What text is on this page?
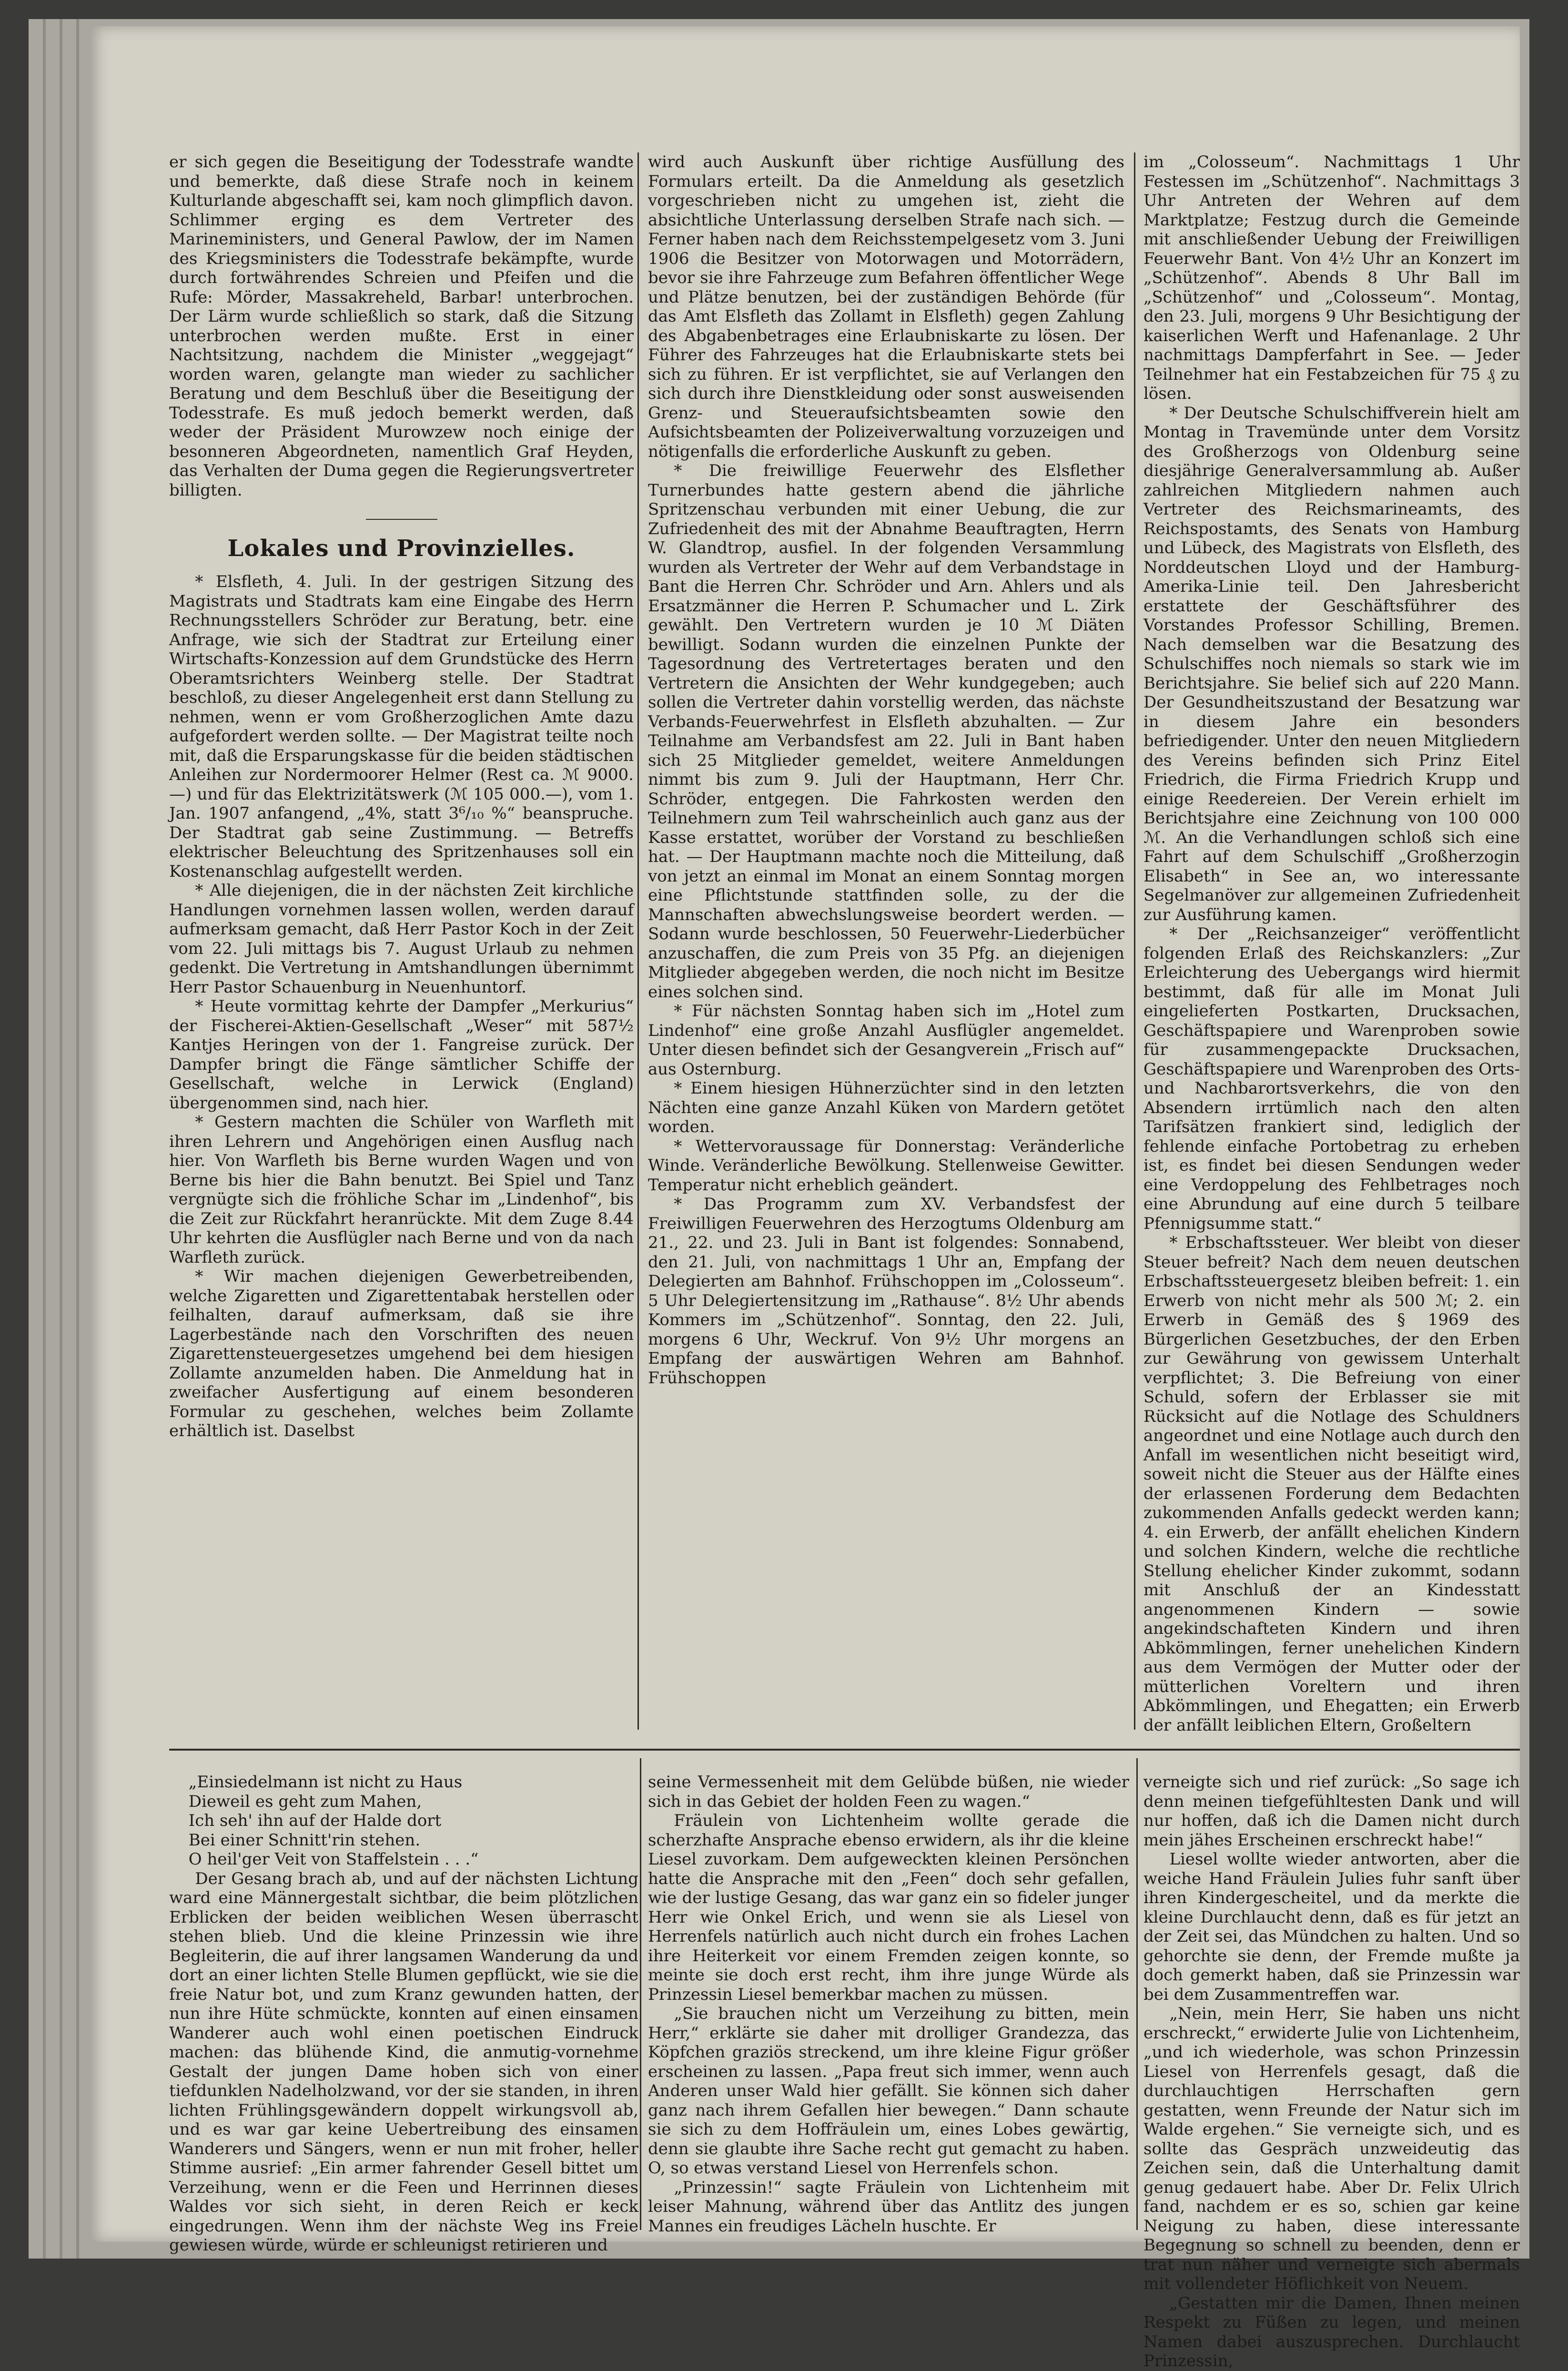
er sich gegen die Beseitigung der Todesstrafe wandte und bemerkte, daß diese Strafe noch in keinem Kulturlande abgeschafft sei, kam noch glimpflich davon. Schlimmer erging es dem Vertreter des Marineministers, und General Pawlow, der im Namen des Kriegsministers die Todesstrafe bekämpfte, wurde durch fortwährendes Schreien und Pfeifen und die Rufe: Mörder, Massakreheld, Barbar! unterbrochen. Der Lärm wurde schließlich so stark, daß die Sitzung unterbrochen werden mußte. Erst in einer Nachtsitzung, nachdem die Minister „weggejagt“ worden waren, gelangte man wieder zu sachlicher Beratung und dem Beschluß über die Beseitigung der Todesstrafe. Es muß jedoch bemerkt werden, daß weder der Präsident Murowzew noch einige der besonneren Abgeordneten, namentlich Graf Heyden, das Verhalten der Duma gegen die Regierungsvertreter billigten.

Lokales und Provinzielles.

* Elsfleth, 4. Juli. In der gestrigen Sitzung des Magistrats und Stadtrats kam eine Eingabe des Herrn Rechnungsstellers Schröder zur Beratung, betr. eine Anfrage, wie sich der Stadtrat zur Erteilung einer Wirtschafts-Konzession auf dem Grundstücke des Herrn Oberamtsrichters Weinberg stelle. Der Stadtrat beschloß, zu dieser Angelegenheit erst dann Stellung zu nehmen, wenn er vom Großherzoglichen Amte dazu aufgefordert werden sollte. — Der Magistrat teilte noch mit, daß die Ersparungskasse für die beiden städtischen Anleihen zur Nordermoorer Helmer (Rest ca. ℳ 9000.—) und für das Elektrizitätswerk (ℳ 105 000.—), vom 1. Jan. 1907 anfangend, „4%, statt 3⁶/₁₀ %“ beanspruche. Der Stadtrat gab seine Zustimmung. — Betreffs elektrischer Beleuchtung des Spritzenhauses soll ein Kostenanschlag aufgestellt werden.

* Alle diejenigen, die in der nächsten Zeit kirchliche Handlungen vornehmen lassen wollen, werden darauf aufmerksam gemacht, daß Herr Pastor Koch in der Zeit vom 22. Juli mittags bis 7. August Urlaub zu nehmen gedenkt. Die Vertretung in Amtshandlungen übernimmt Herr Pastor Schauenburg in Neuenhuntorf.

* Heute vormittag kehrte der Dampfer „Merkurius“ der Fischerei-Aktien-Gesellschaft „Weser“ mit 587½ Kantjes Heringen von der 1. Fangreise zurück. Der Dampfer bringt die Fänge sämtlicher Schiffe der Gesellschaft, welche in Lerwick (England) übergenommen sind, nach hier.

* Gestern machten die Schüler von Warfleth mit ihren Lehrern und Angehörigen einen Ausflug nach hier. Von Warfleth bis Berne wurden Wagen und von Berne bis hier die Bahn benutzt. Bei Spiel und Tanz vergnügte sich die fröhliche Schar im „Lindenhof“, bis die Zeit zur Rückfahrt heranrückte. Mit dem Zuge 8.44 Uhr kehrten die Ausflügler nach Berne und von da nach Warfleth zurück.

* Wir machen diejenigen Gewerbetreibenden, welche Zigaretten und Zigarettentabak herstellen oder feilhalten, darauf aufmerksam, daß sie ihre Lagerbestände nach den Vorschriften des neuen Zigarettensteuergesetzes umgehend bei dem hiesigen Zollamte anzumelden haben. Die Anmeldung hat in zweifacher Ausfertigung auf einem besonderen Formular zu geschehen, welches beim Zollamte erhältlich ist. Daselbst

wird auch Auskunft über richtige Ausfüllung des Formulars erteilt. Da die Anmeldung als gesetzlich vorgeschrieben nicht zu umgehen ist, zieht die absichtliche Unterlassung derselben Strafe nach sich. — Ferner haben nach dem Reichsstempelgesetz vom 3. Juni 1906 die Besitzer von Motorwagen und Motorrädern, bevor sie ihre Fahrzeuge zum Befahren öffentlicher Wege und Plätze benutzen, bei der zuständigen Behörde (für das Amt Elsfleth das Zollamt in Elsfleth) gegen Zahlung des Abgabenbetrages eine Erlaubniskarte zu lösen. Der Führer des Fahrzeuges hat die Erlaubniskarte stets bei sich zu führen. Er ist verpflichtet, sie auf Verlangen den sich durch ihre Dienstkleidung oder sonst ausweisenden Grenz- und Steueraufsichtsbeamten sowie den Aufsichtsbeamten der Polizeiverwaltung vorzuzeigen und nötigenfalls die erforderliche Auskunft zu geben.

* Die freiwillige Feuerwehr des Elsflether Turnerbundes hatte gestern abend die jährliche Spritzenschau verbunden mit einer Uebung, die zur Zufriedenheit des mit der Abnahme Beauftragten, Herrn W. Glandtrop, ausfiel. In der folgenden Versammlung wurden als Vertreter der Wehr auf dem Verbandstage in Bant die Herren Chr. Schröder und Arn. Ahlers und als Ersatzmänner die Herren P. Schumacher und L. Zirk gewählt. Den Vertretern wurden je 10 ℳ Diäten bewilligt. Sodann wurden die einzelnen Punkte der Tagesordnung des Vertretertages beraten und den Vertretern die Ansichten der Wehr kundgegeben; auch sollen die Vertreter dahin vorstellig werden, das nächste Verbands-Feuerwehrfest in Elsfleth abzuhalten. — Zur Teilnahme am Verbandsfest am 22. Juli in Bant haben sich 25 Mitglieder gemeldet, weitere Anmeldungen nimmt bis zum 9. Juli der Hauptmann, Herr Chr. Schröder, entgegen. Die Fahrkosten werden den Teilnehmern zum Teil wahrscheinlich auch ganz aus der Kasse erstattet, worüber der Vorstand zu beschließen hat. — Der Hauptmann machte noch die Mitteilung, daß von jetzt an einmal im Monat an einem Sonntag morgen eine Pflichtstunde stattfinden solle, zu der die Mannschaften abwechslungsweise beordert werden. — Sodann wurde beschlossen, 50 Feuerwehr-Liederbücher anzuschaffen, die zum Preis von 35 Pfg. an diejenigen Mitglieder abgegeben werden, die noch nicht im Besitze eines solchen sind.

* Für nächsten Sonntag haben sich im „Hotel zum Lindenhof“ eine große Anzahl Ausflügler angemeldet. Unter diesen befindet sich der Gesangverein „Frisch auf“ aus Osternburg.

* Einem hiesigen Hühnerzüchter sind in den letzten Nächten eine ganze Anzahl Küken von Mardern getötet worden.

* Wettervoraussage für Donnerstag: Veränderliche Winde. Veränderliche Bewölkung. Stellenweise Gewitter. Temperatur nicht erheblich geändert.

* Das Programm zum XV. Verbandsfest der Freiwilligen Feuerwehren des Herzogtums Oldenburg am 21., 22. und 23. Juli in Bant ist folgendes: Sonnabend, den 21. Juli, von nachmittags 1 Uhr an, Empfang der Delegierten am Bahnhof. Frühschoppen im „Colosseum“. 5 Uhr Delegiertensitzung im „Rathause“. 8½ Uhr abends Kommers im „Schützenhof“. Sonntag, den 22. Juli, morgens 6 Uhr, Weckruf. Von 9½ Uhr morgens an Empfang der auswärtigen Wehren am Bahnhof. Frühschoppen

im „Colosseum“. Nachmittags 1 Uhr Festessen im „Schützenhof“. Nachmittags 3 Uhr Antreten der Wehren auf dem Marktplatze; Festzug durch die Gemeinde mit anschließender Uebung der Freiwilligen Feuerwehr Bant. Von 4½ Uhr an Konzert im „Schützenhof“. Abends 8 Uhr Ball im „Schützenhof“ und „Colosseum“. Montag, den 23. Juli, morgens 9 Uhr Besichtigung der kaiserlichen Werft und Hafenanlage. 2 Uhr nachmittags Dampferfahrt in See. — Jeder Teilnehmer hat ein Festabzeichen für 75 ₰ zu lösen.

* Der Deutsche Schulschiffverein hielt am Montag in Travemünde unter dem Vorsitz des Großherzogs von Oldenburg seine diesjährige Generalversammlung ab. Außer zahlreichen Mitgliedern nahmen auch Vertreter des Reichsmarineamts, des Reichspostamts, des Senats von Hamburg und Lübeck, des Magistrats von Elsfleth, des Norddeutschen Lloyd und der Hamburg-Amerika-Linie teil. Den Jahresbericht erstattete der Geschäftsführer des Vorstandes Professor Schilling, Bremen. Nach demselben war die Besatzung des Schulschiffes noch niemals so stark wie im Berichtsjahre. Sie belief sich auf 220 Mann. Der Gesundheitszustand der Besatzung war in diesem Jahre ein besonders befriedigender. Unter den neuen Mitgliedern des Vereins befinden sich Prinz Eitel Friedrich, die Firma Friedrich Krupp und einige Reedereien. Der Verein erhielt im Berichtsjahre eine Zeichnung von 100 000 ℳ. An die Verhandlungen schloß sich eine Fahrt auf dem Schulschiff „Großherzogin Elisabeth“ in See an, wo interessante Segelmanöver zur allgemeinen Zufriedenheit zur Ausführung kamen.

* Der „Reichsanzeiger“ veröffentlicht folgenden Erlaß des Reichskanzlers: „Zur Erleichterung des Uebergangs wird hiermit bestimmt, daß für alle im Monat Juli eingelieferten Postkarten, Drucksachen, Geschäftspapiere und Warenproben sowie für zusammengepackte Drucksachen, Geschäftspapiere und Warenproben des Orts- und Nachbarortsverkehrs, die von den Absendern irrtümlich nach den alten Tarifsätzen frankiert sind, lediglich der fehlende einfache Portobetrag zu erheben ist, es findet bei diesen Sendungen weder eine Verdoppelung des Fehlbetrages noch eine Abrundung auf eine durch 5 teilbare Pfennigsumme statt.“

* Erbschaftssteuer. Wer bleibt von dieser Steuer befreit? Nach dem neuen deutschen Erbschaftssteuergesetz bleiben befreit: 1. ein Erwerb von nicht mehr als 500 ℳ; 2. ein Erwerb in Gemäß des § 1969 des Bürgerlichen Gesetzbuches, der den Erben zur Gewährung von gewissem Unterhalt verpflichtet; 3. Die Befreiung von einer Schuld, sofern der Erblasser sie mit Rücksicht auf die Notlage des Schuldners angeordnet und eine Notlage auch durch den Anfall im wesentlichen nicht beseitigt wird, soweit nicht die Steuer aus der Hälfte eines der erlassenen Forderung dem Bedachten zukommenden Anfalls gedeckt werden kann; 4. ein Erwerb, der anfällt ehelichen Kindern und solchen Kindern, welche die rechtliche Stellung ehelicher Kinder zukommt, sodann mit Anschluß der an Kindesstatt angenommenen Kindern — sowie angekindschafteten Kindern und ihren Abkömmlingen, ferner unehelichen Kindern aus dem Vermögen der Mutter oder der mütterlichen Voreltern und ihren Abkömmlingen, und Ehegatten; ein Erwerb der anfällt leiblichen Eltern, Großeltern

„Einsiedelmann ist nicht zu Haus

Dieweil es geht zum Mahen,

Ich seh' ihn auf der Halde dort

Bei einer Schnitt'rin stehen.

O heil'ger Veit von Staffelstein . . .“

Der Gesang brach ab, und auf der nächsten Lichtung ward eine Männergestalt sichtbar, die beim plötzlichen Erblicken der beiden weiblichen Wesen überrascht stehen blieb. Und die kleine Prinzessin wie ihre Begleiterin, die auf ihrer langsamen Wanderung da und dort an einer lichten Stelle Blumen gepflückt, wie sie die freie Natur bot, und zum Kranz gewunden hatten, der nun ihre Hüte schmückte, konnten auf einen einsamen Wanderer auch wohl einen poetischen Eindruck machen: das blühende Kind, die anmutig-vornehme Gestalt der jungen Dame hoben sich von einer tiefdunklen Nadelholzwand, vor der sie standen, in ihren lichten Frühlingsgewändern doppelt wirkungsvoll ab, und es war gar keine Uebertreibung des einsamen Wanderers und Sängers, wenn er nun mit froher, heller Stimme ausrief: „Ein armer fahrender Gesell bittet um Verzeihung, wenn er die Feen und Herrinnen dieses Waldes vor sich sieht, in deren Reich er keck eingedrungen. Wenn ihm der nächste Weg ins Freie gewiesen würde, würde er schleunigst retirieren und

seine Vermessenheit mit dem Gelübde büßen, nie wieder sich in das Gebiet der holden Feen zu wagen.“

Fräulein von Lichtenheim wollte gerade die scherzhafte Ansprache ebenso erwidern, als ihr die kleine Liesel zuvorkam. Dem aufgeweckten kleinen Persönchen hatte die Ansprache mit den „Feen“ doch sehr gefallen, wie der lustige Gesang, das war ganz ein so fideler junger Herr wie Onkel Erich, und wenn sie als Liesel von Herrenfels natürlich auch nicht durch ein frohes Lachen ihre Heiterkeit vor einem Fremden zeigen konnte, so meinte sie doch erst recht, ihm ihre junge Würde als Prinzessin Liesel bemerkbar machen zu müssen.

„Sie brauchen nicht um Verzeihung zu bitten, mein Herr,“ erklärte sie daher mit drolliger Grandezza, das Köpfchen graziös streckend, um ihre kleine Figur größer erscheinen zu lassen. „Papa freut sich immer, wenn auch Anderen unser Wald hier gefällt. Sie können sich daher ganz nach ihrem Gefallen hier bewegen.“ Dann schaute sie sich zu dem Hoffräulein um, eines Lobes gewärtig, denn sie glaubte ihre Sache recht gut gemacht zu haben. O, so etwas verstand Liesel von Herrenfels schon.

„Prinzessin!“ sagte Fräulein von Lichtenheim mit leiser Mahnung, während über das Antlitz des jungen Mannes ein freudiges Lächeln huschte. Er

verneigte sich und rief zurück: „So sage ich denn meinen tiefgefühltesten Dank und will nur hoffen, daß ich die Damen nicht durch mein jähes Erscheinen erschreckt habe!“

Liesel wollte wieder antworten, aber die weiche Hand Fräulein Julies fuhr sanft über ihren Kindergescheitel, und da merkte die kleine Durchlaucht denn, daß es für jetzt an der Zeit sei, das Mündchen zu halten. Und so gehorchte sie denn, der Fremde mußte ja doch gemerkt haben, daß sie Prinzessin war bei dem Zusammentreffen war.

„Nein, mein Herr, Sie haben uns nicht erschreckt,“ erwiderte Julie von Lichtenheim, „und ich wiederhole, was schon Prinzessin Liesel von Herrenfels gesagt, daß die durchlauchtigen Herrschaften gern gestatten, wenn Freunde der Natur sich im Walde ergehen.“ Sie verneigte sich, und es sollte das Gespräch unzweideutig das Zeichen sein, daß die Unterhaltung damit genug gedauert habe. Aber Dr. Felix Ulrich fand, nachdem er es so, schien gar keine Neigung zu haben, diese interessante Begegnung so schnell zu beenden, denn er trat nun näher und verneigte sich abermals mit vollendeter Höflichkeit von Neuem.

„Gestatten mir die Damen, Ihnen meinen Respekt zu Füßen zu legen, und meinen Namen dabei auszusprechen. Durchlaucht Prinzessin,
